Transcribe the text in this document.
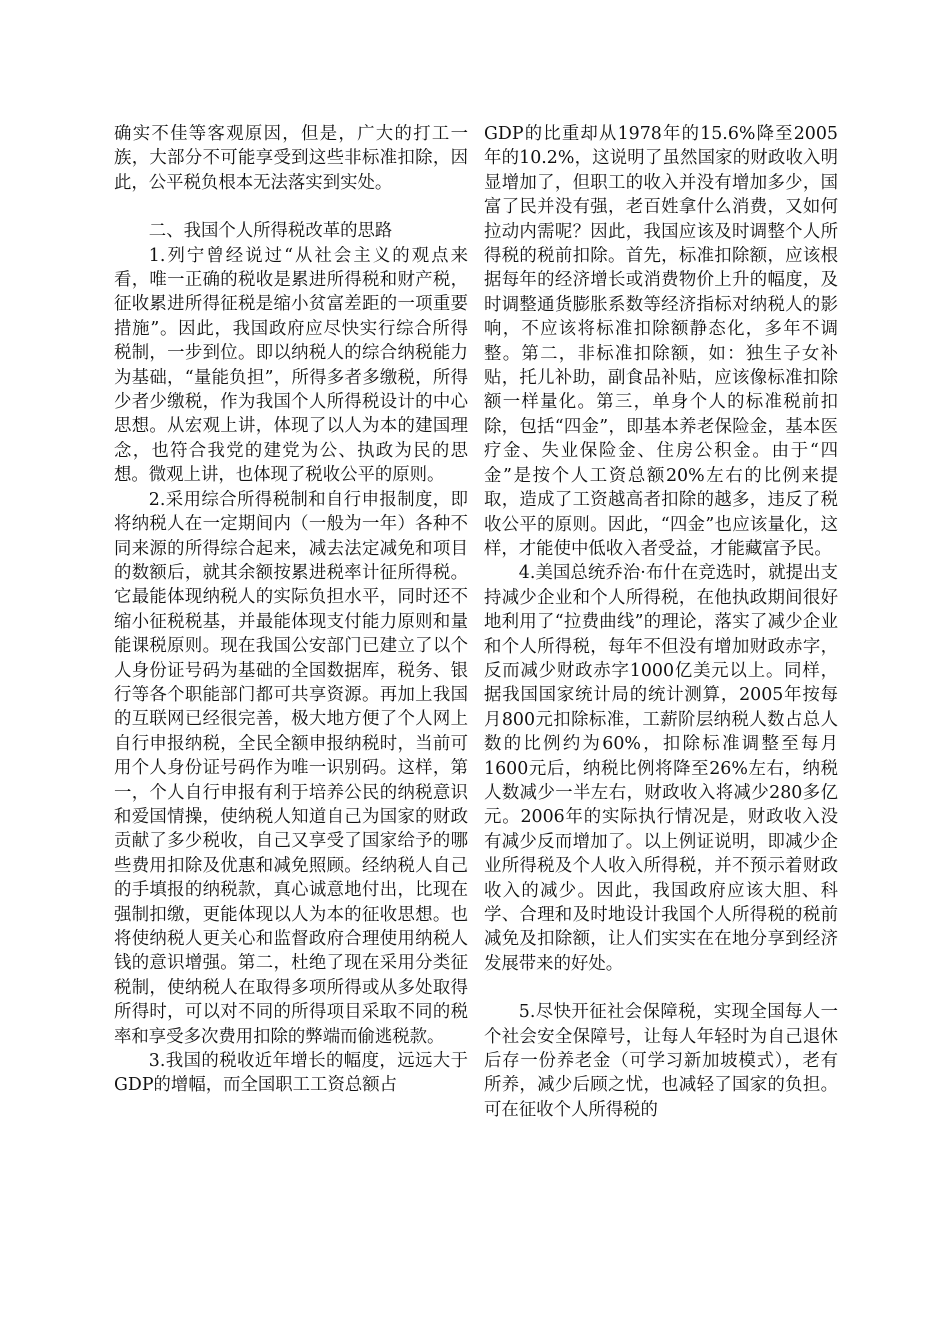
确实不佳等客观原因，但是，广大的打工一族，大部分不可能享受到这些非标准扣除，因此，公平税负根本无法落实到实处。

二、我国个人所得税改革的思路

1.列宁曾经说过“从社会主义的观点来看，唯一正确的税收是累进所得税和财产税，征收累进所得征税是缩小贫富差距的一项重要措施”。因此，我国政府应尽快实行综合所得税制，一步到位。即以纳税人的综合纳税能力为基础，“量能负担”，所得多者多缴税，所得少者少缴税，作为我国个人所得税设计的中心思想。从宏观上讲，体现了以人为本的建国理念，也符合我党的建党为公、执政为民的思想。微观上讲，也体现了税收公平的原则。

2.采用综合所得税制和自行申报制度，即将纳税人在一定期间内（一般为一年）各种不同来源的所得综合起来，减去法定减免和项目的数额后，就其余额按累进税率计征所得税。它最能体现纳税人的实际负担水平，同时还不缩小征税税基，并最能体现支付能力原则和量能课税原则。现在我国公安部门已建立了以个人身份证号码为基础的全国数据库，税务、银行等各个职能部门都可共享资源。再加上我国的互联网已经很完善，极大地方便了个人网上自行申报纳税，全民全额申报纳税时，当前可用个人身份证号码作为唯一识别码。这样，第一，个人自行申报有利于培养公民的纳税意识和爱国情操，使纳税人知道自己为国家的财政贡献了多少税收，自己又享受了国家给予的哪些费用扣除及优惠和减免照顾。经纳税人自己的手填报的纳税款，真心诚意地付出，比现在强制扣缴，更能体现以人为本的征收思想。也将使纳税人更关心和监督政府合理使用纳税人钱的意识增强。第二，杜绝了现在采用分类征税制，使纳税人在取得多项所得或从多处取得所得时，可以对不同的所得项目采取不同的税率和享受多次费用扣除的弊端而偷逃税款。

3.我国的税收近年增长的幅度，远远大于GDP的增幅，而全国职工工资总额占

GDP的比重却从1978年的15.6%降至2005年的10.2%，这说明了虽然国家的财政收入明显增加了，但职工的收入并没有增加多少，国富了民并没有强，老百姓拿什么消费，又如何拉动内需呢？因此，我国应该及时调整个人所得税的税前扣除。首先，标准扣除额，应该根据每年的经济增长或消费物价上升的幅度，及时调整通货膨胀系数等经济指标对纳税人的影响，不应该将标准扣除额静态化，多年不调整。第二，非标准扣除额，如：独生子女补贴，托儿补助，副食品补贴，应该像标准扣除额一样量化。第三，单身个人的标准税前扣除，包括“四金”，即基本养老保险金，基本医疗金、失业保险金、住房公积金。由于“四金”是按个人工资总额20%左右的比例来提取，造成了工资越高者扣除的越多，违反了税收公平的原则。因此，“四金”也应该量化，这样，才能使中低收入者受益，才能藏富予民。

4.美国总统乔治·布什在竞选时，就提出支持减少企业和个人所得税，在他执政期间很好地利用了“拉费曲线”的理论，落实了减少企业和个人所得税，每年不但没有增加财政赤字，反而减少财政赤字1000亿美元以上。同样，据我国国家统计局的统计测算，2005年按每月800元扣除标准，工薪阶层纳税人数占总人数的比例约为60%，扣除标准调整至每月1600元后，纳税比例将降至26%左右，纳税人数减少一半左右，财政收入将减少280多亿元。2006年的实际执行情况是，财政收入没有减少反而增加了。以上例证说明，即减少企业所得税及个人收入所得税，并不预示着财政收入的减少。因此，我国政府应该大胆、科学、合理和及时地设计我国个人所得税的税前减免及扣除额，让人们实实在在地分享到经济发展带来的好处。

5.尽快开征社会保障税，实现全国每人一个社会安全保障号，让每人年轻时为自己退休后存一份养老金（可学习新加坡模式），老有所养，减少后顾之忧，也减轻了国家的负担。可在征收个人所得税的
